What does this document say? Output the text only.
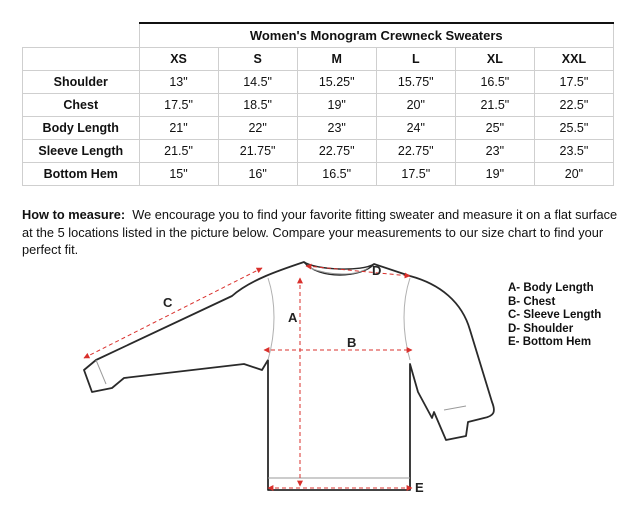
	Women's Monogram Crewneck Sweaters					
	XS	S	M	L	XL	XXL
Shoulder	13"	14.5"	15.25"	15.75"	16.5"	17.5"
Chest	17.5"	18.5"	19"	20"	21.5"	22.5"
Body Length	21"	22"	23"	24"	25"	25.5"
Sleeve Length	21.5"	21.75"	22.75"	22.75"	23"	23.5"
Bottom Hem	15"	16"	16.5"	17.5"	19"	20"

How to measure: We encourage you to find your favorite fitting sweater and measure it on a flat surface at the 5 locations listed in the picture below. Compare your measurements to our size chart to find your perfect fit.

A
B
C
D
E
A- Body Length
B- Chest
C- Sleeve Length
D- Shoulder
E- Bottom Hem
